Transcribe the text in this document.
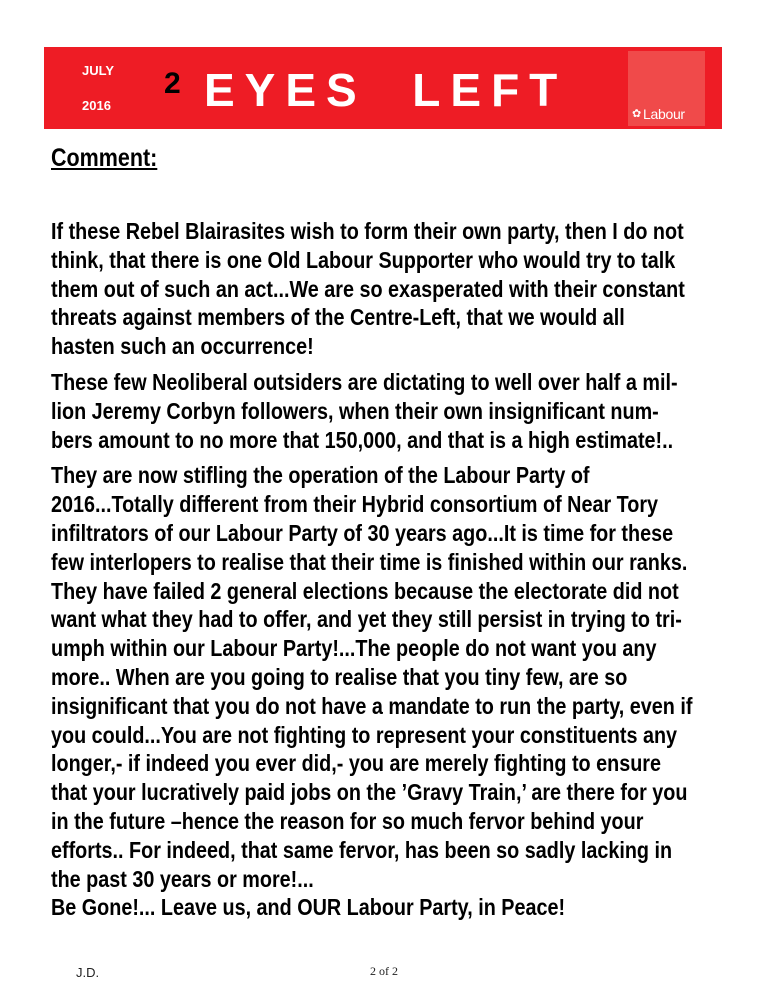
JULY
2016
2 EYES  LEFT	✿ Labour
Comment:
If these Rebel Blairasites wish to form their own party, then I do not
think, that there is one Old Labour Supporter who would try to talk
them out of such an act...We are so exasperated with their constant
threats against members of the Centre-Left, that we would all
hasten such an occurrence!
These few Neoliberal outsiders are dictating to well over half a mil-
lion Jeremy Corbyn followers, when their own insignificant num-
bers amount to no more that 150,000, and that is a high estimate!..
They are now stifling the operation of the Labour Party of
2016...Totally different from their Hybrid consortium of Near Tory
infiltrators of our Labour Party of 30 years ago...It is time for these
few interlopers to realise that their time is finished within our ranks.
They have failed 2 general elections because the electorate did not
want what they had to offer, and yet they still persist in trying to tri-
umph within our Labour Party!...The people do not want you any
more.. When are you going to realise that you tiny few, are so
insignificant that you do not have a mandate to run the party, even if
you could...You are not fighting to represent your constituents any
longer,- if indeed you ever did,- you are merely fighting to ensure
that your lucratively paid jobs on the ’Gravy Train,’ are there for you
in the future –hence the reason for so much fervor behind your
efforts.. For indeed, that same fervor, has been so sadly lacking in
the past 30 years or more!...
Be Gone!... Leave us, and OUR Labour Party, in Peace!
J.D.	2 of 2
